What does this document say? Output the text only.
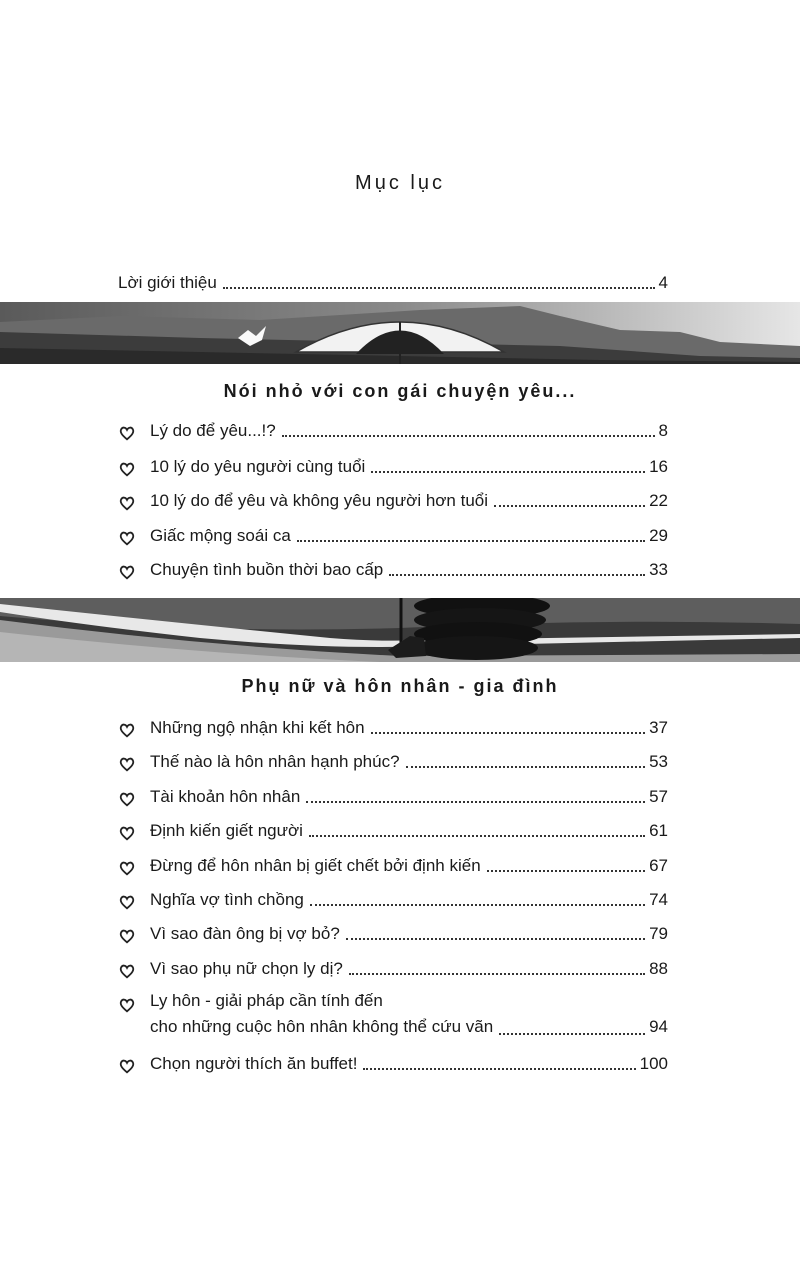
Mục lục
Lời giới thiệu	4
Nói nhỏ với con gái chuyện yêu...
Lý do để yêu...!?	8
10 lý do yêu người cùng tuổi	16
10 lý do để yêu và không yêu người hơn tuổi	22
Giấc mộng soái ca	29
Chuyện tình buồn thời bao cấp	33
Phụ nữ và hôn nhân - gia đình
Những ngộ nhận khi kết hôn	37
Thế nào là hôn nhân hạnh phúc?	53
Tài khoản hôn nhân	57
Định kiến giết người	61
Đừng để hôn nhân bị giết chết bởi định kiến	67
Nghĩa vợ tình chồng	74
Vì sao đàn ông bị vợ bỏ?	79
Vì sao phụ nữ chọn ly dị?	88
Ly hôn - giải pháp cần tính đến
cho những cuộc hôn nhân không thể cứu vãn	94
Chọn người thích ăn buffet!	100
